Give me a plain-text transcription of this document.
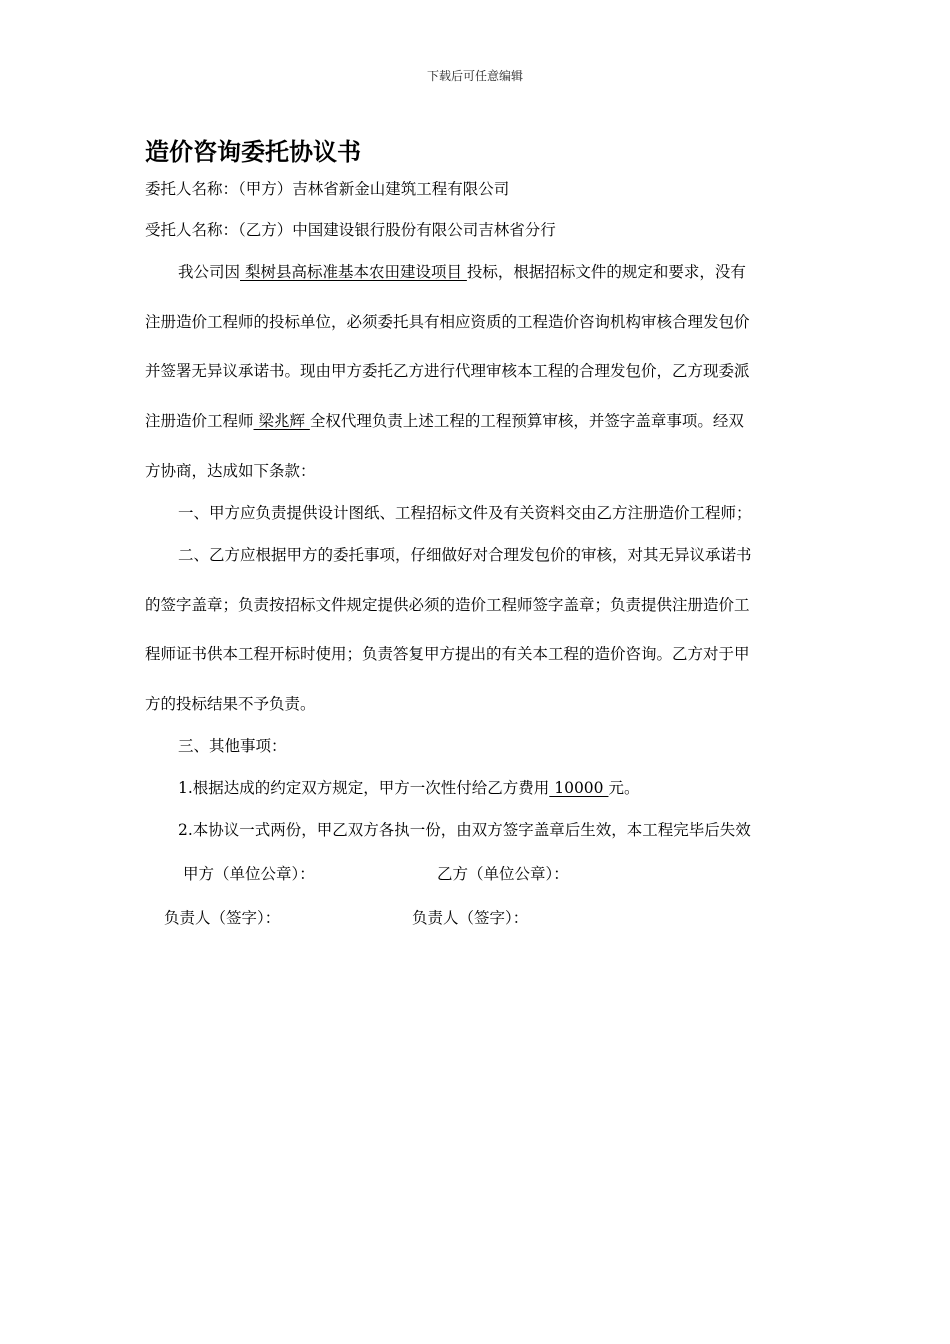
下载后可任意编辑
造价咨询委托协议书
委托人名称：（甲方）吉林省新金山建筑工程有限公司
受托人名称：（乙方）中国建设银行股份有限公司吉林省分行
我公司因 梨树县高标准基本农田建设项目 投标，根据招标文件的规定和要求，没有
注册造价工程师的投标单位，必须委托具有相应资质的工程造价咨询机构审核合理发包价
并签署无异议承诺书。现由甲方委托乙方进行代理审核本工程的合理发包价，乙方现委派
注册造价工程师 梁兆辉 全权代理负责上述工程的工程预算审核，并签字盖章事项。经双
方协商，达成如下条款：
一、甲方应负责提供设计图纸、工程招标文件及有关资料交由乙方注册造价工程师；
二、乙方应根据甲方的委托事项，仔细做好对合理发包价的审核，对其无异议承诺书
的签字盖章；负责按招标文件规定提供必须的造价工程师签字盖章；负责提供注册造价工
程师证书供本工程开标时使用；负责答复甲方提出的有关本工程的造价咨询。乙方对于甲
方的投标结果不予负责。
三、其他事项：
1.根据达成的约定双方规定，甲方一次性付给乙方费用 10000 元。
2.本协议一式两份，甲乙双方各执一份，由双方签字盖章后生效，本工程完毕后失效
甲方（单位公章）：	乙方（单位公章）：
负责人（签字）：	负责人（签字）：
